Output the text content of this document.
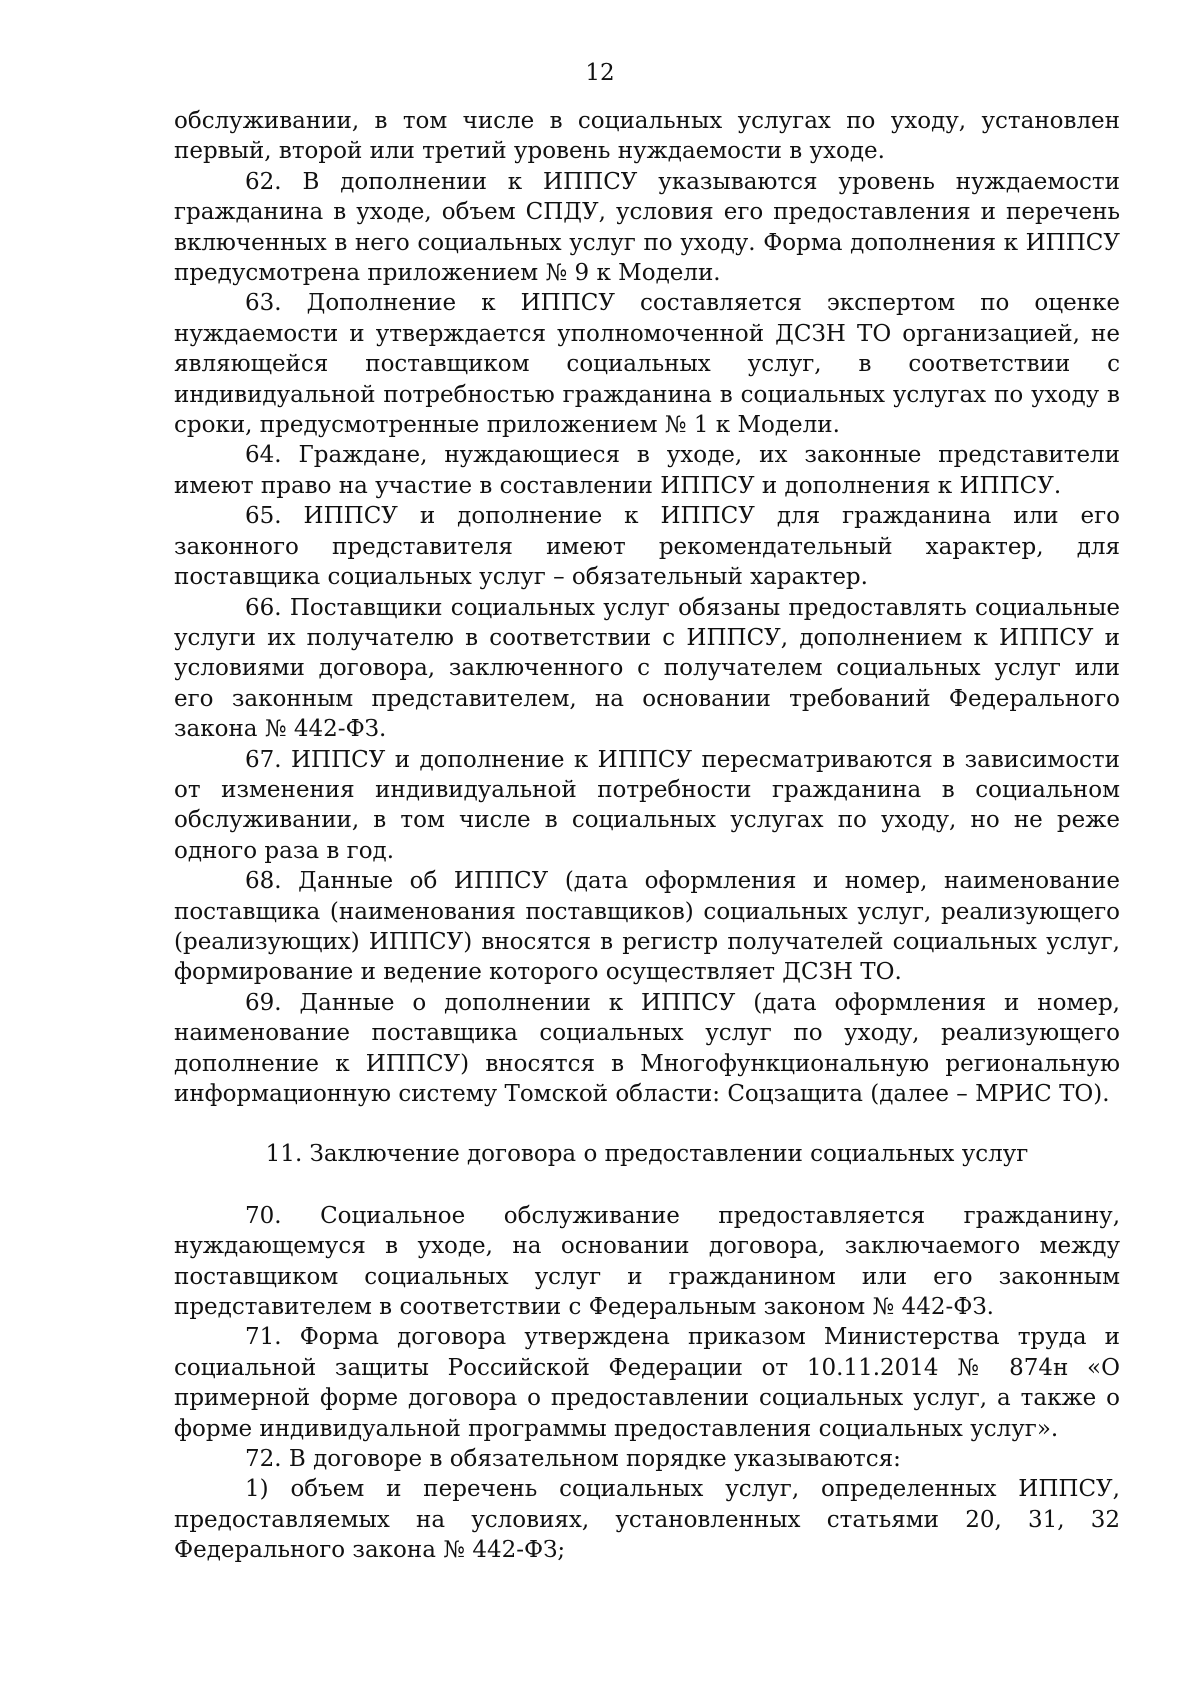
12

обслуживании, в том числе в социальных услугах по уходу, установлен первый, второй или третий уровень нуждаемости в уходе.

62. В дополнении к ИППСУ указываются уровень нуждаемости гражданина в уходе, объем СПДУ, условия его предоставления и перечень включенных в него социальных услуг по уходу. Форма дополнения к ИППСУ предусмотрена приложением № 9 к Модели.

63. Дополнение к ИППСУ составляется экспертом по оценке нуждаемости и утверждается уполномоченной ДСЗН ТО организацией, не являющейся поставщиком социальных услуг, в соответствии с индивидуальной потребностью гражданина в социальных услугах по уходу в сроки, предусмотренные приложением № 1 к Модели.

64. Граждане, нуждающиеся в уходе, их законные представители имеют право на участие в составлении ИППСУ и дополнения к ИППСУ.

65. ИППСУ и дополнение к ИППСУ для гражданина или его законного представителя имеют рекомендательный характер, для поставщика социальных услуг – обязательный характер.

66. Поставщики социальных услуг обязаны предоставлять социальные услуги их получателю в соответствии с ИППСУ, дополнением к ИППСУ и условиями договора, заключенного с получателем социальных услуг или его законным представителем, на основании требований Федерального закона № 442-ФЗ.

67. ИППСУ и дополнение к ИППСУ пересматриваются в зависимости от изменения индивидуальной потребности гражданина в социальном обслуживании, в том числе в социальных услугах по уходу, но не реже одного раза в год.

68. Данные об ИППСУ (дата оформления и номер, наименование поставщика (наименования поставщиков) социальных услуг, реализующего (реализующих) ИППСУ) вносятся в регистр получателей социальных услуг, формирование и ведение которого осуществляет ДСЗН ТО.

69. Данные о дополнении к ИППСУ (дата оформления и номер, наименование поставщика социальных услуг по уходу, реализующего дополнение к ИППСУ) вносятся в Многофункциональную региональную информационную систему Томской области: Соцзащита (далее – МРИС ТО).

11. Заключение договора о предоставлении социальных услуг

70. Социальное обслуживание предоставляется гражданину, нуждающемуся в уходе, на основании договора, заключаемого между поставщиком социальных услуг и гражданином или его законным представителем в соответствии с Федеральным законом № 442-ФЗ.

71. Форма договора утверждена приказом Министерства труда и социальной защиты Российской Федерации от 10.11.2014 № 874н «О примерной форме договора о предоставлении социальных услуг, а также о форме индивидуальной программы предоставления социальных услуг».

72. В договоре в обязательном порядке указываются:

1) объем и перечень социальных услуг, определенных ИППСУ, предоставляемых на условиях, установленных статьями 20, 31, 32 Федерального закона № 442-ФЗ;
